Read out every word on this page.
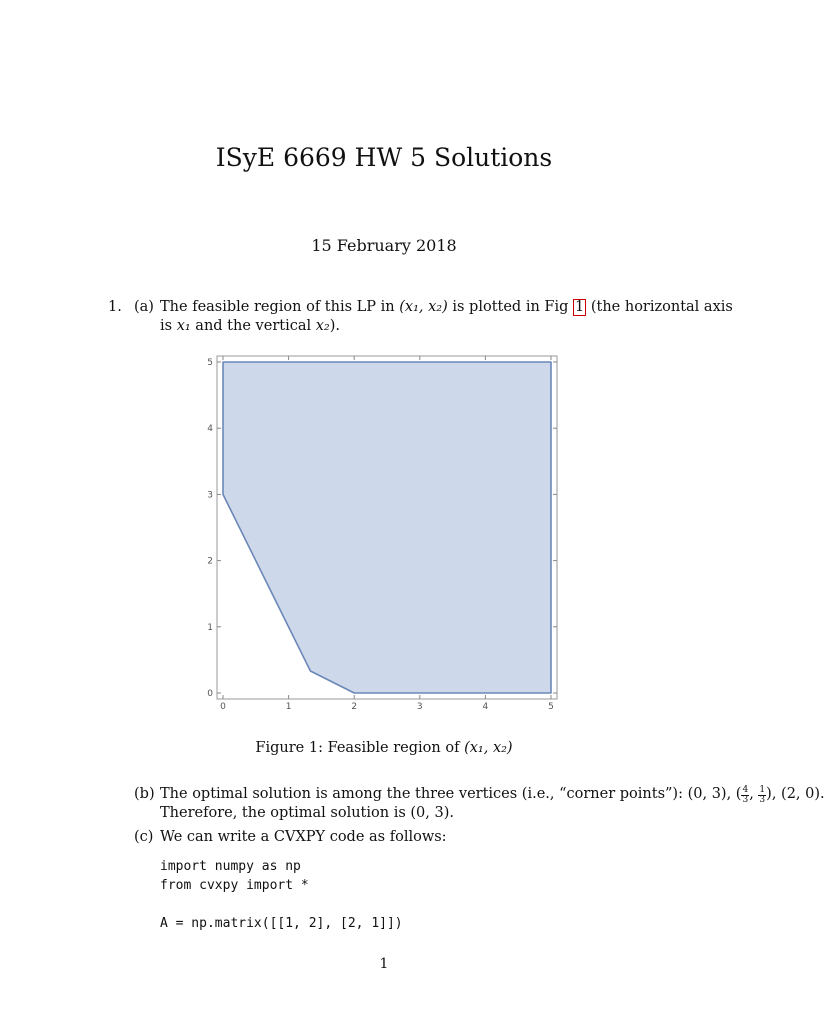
ISyE 6669 HW 5 Solutions
15 February 2018
1. (a) The feasible region of this LP in (x₁, x₂) is plotted in Fig 1 (the horizontal axis
is x₁ and the vertical x₂).
0	1	2	3	4	5
0
1
2
3
4
5
Figure 1: Feasible region of (x₁, x₂)
(b) The optimal solution is among the three vertices (i.e., “corner points”): (0, 3), ( $\frac{4}{3}$ , $\frac{1}{3}$ ), (2, 0).
Therefore, the optimal solution is (0, 3).
(c) We can write a CVXPY code as follows:
import numpy as np
from cvxpy import *
A = np.matrix([[1, 2], [2, 1]])
1
